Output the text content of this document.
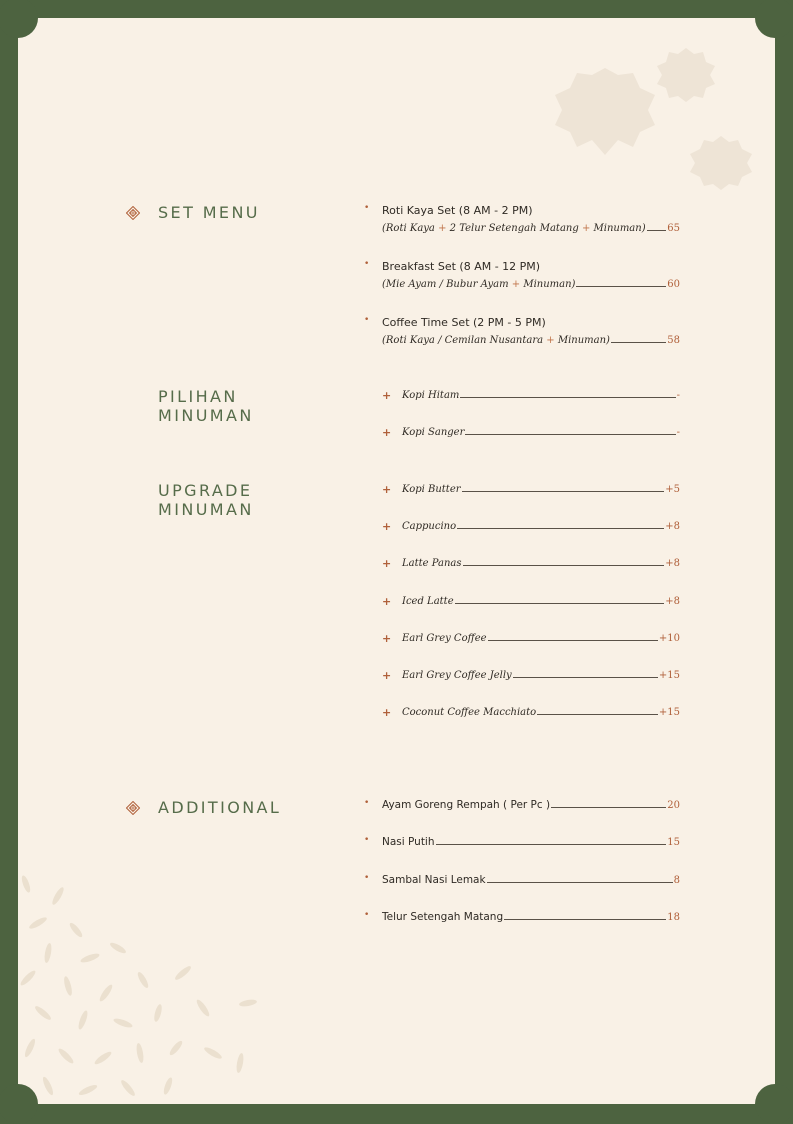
SET MENU	• Roti Kaya Set (8 AM - 2 PM)
(Roti Kaya + 2 Telur Setengah Matang + Minuman) 65
• Breakfast Set (8 AM - 12 PM)
(Mie Ayam / Bubur Ayam + Minuman)	60
• Coffee Time Set (2 PM - 5 PM)
(Roti Kaya / Cemilan Nusantara + Minuman)	58
PILIHAN
MINUMAN
+ Kopi Hitam	-
+ Kopi Sanger	-
UPGRADE
MINUMAN
+ Kopi Butter	+5
+ Cappucino	+8
+ Latte Panas	+8
+ Iced Latte	+8
+ Earl Grey Coffee	+10
+ Earl Grey Coffee Jelly	+15
+ Coconut Coffee Macchiato	+15
ADDITIONAL	• Ayam Goreng Rempah ( Per Pc )	20
• Nasi Putih	15
• Sambal Nasi Lemak	8
• Telur Setengah Matang	18
